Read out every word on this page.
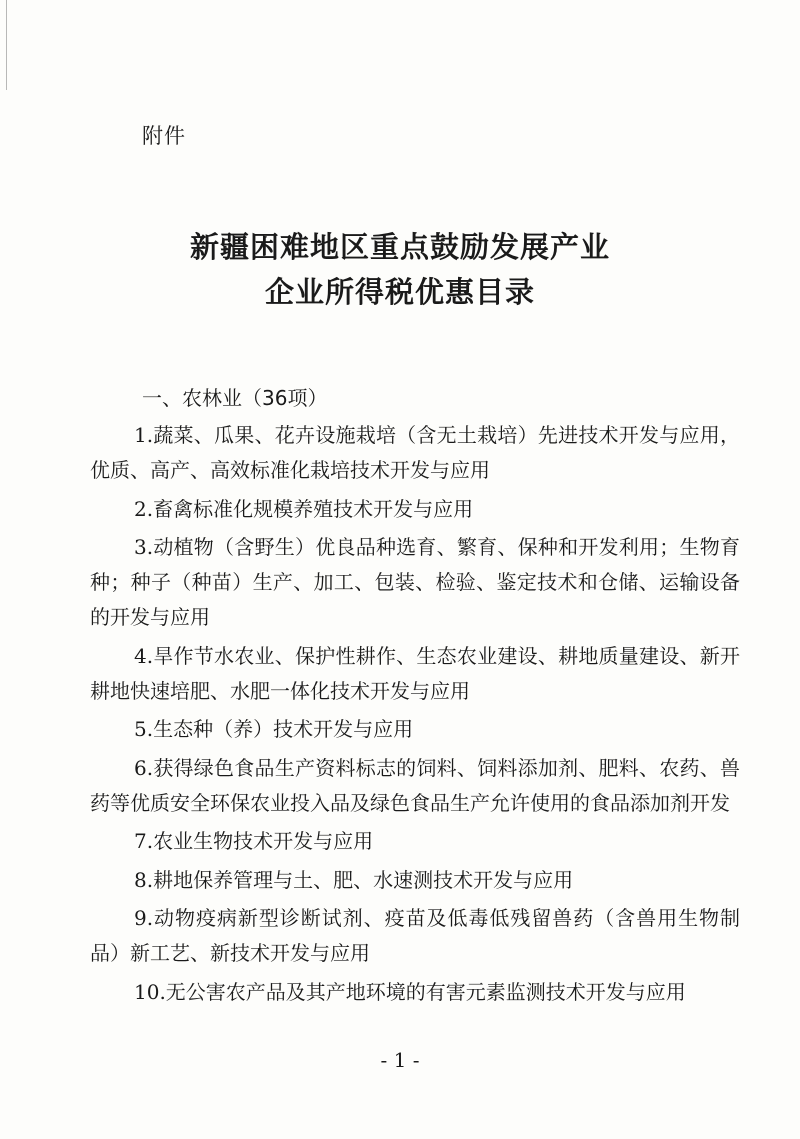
附件
新疆困难地区重点鼓励发展产业
企业所得税优惠目录
一、农林业（36项）

1.蔬菜、瓜果、花卉设施栽培（含无土栽培）先进技术开发与应用，优质、高产、高效标准化栽培技术开发与应用

2.畜禽标准化规模养殖技术开发与应用

3.动植物（含野生）优良品种选育、繁育、保种和开发利用；生物育种；种子（种苗）生产、加工、包装、检验、鉴定技术和仓储、运输设备的开发与应用

4.旱作节水农业、保护性耕作、生态农业建设、耕地质量建设、新开耕地快速培肥、水肥一体化技术开发与应用

5.生态种（养）技术开发与应用

6.获得绿色食品生产资料标志的饲料、饲料添加剂、肥料、农药、兽药等优质安全环保农业投入品及绿色食品生产允许使用的食品添加剂开发

7.农业生物技术开发与应用

8.耕地保养管理与土、肥、水速测技术开发与应用

9.动物疫病新型诊断试剂、疫苗及低毒低残留兽药（含兽用生物制品）新工艺、新技术开发与应用

10.无公害农产品及其产地环境的有害元素监测技术开发与应用

- 1 -
